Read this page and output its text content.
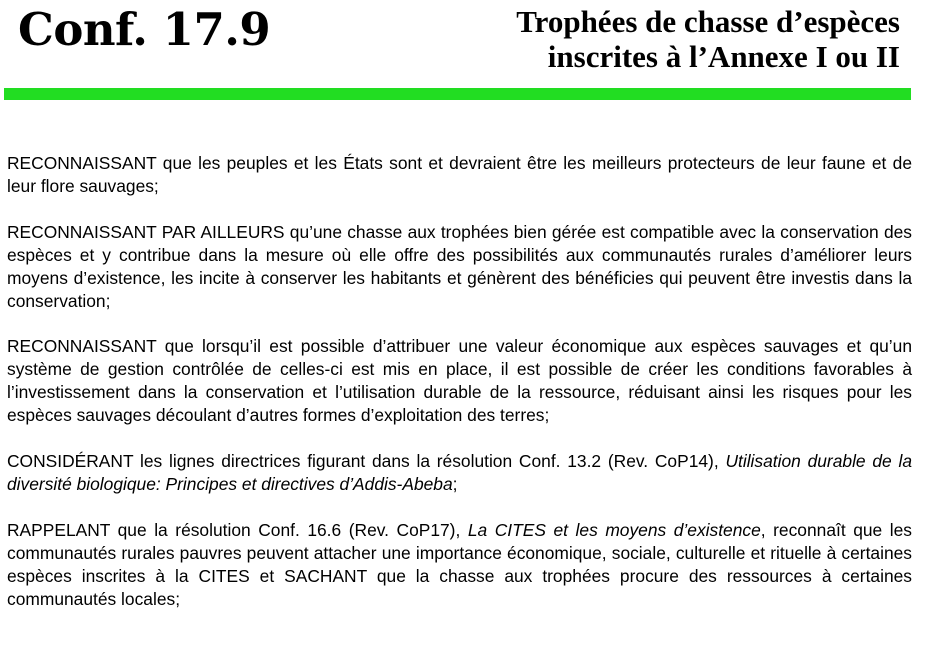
Conf. 17.9	Trophées de chasse d’espèces
inscrites à l’Annexe I ou II

RECONNAISSANT que les peuples et les États sont et devraient être les meilleurs protecteurs de leur faune et de leur flore sauvages;

RECONNAISSANT PAR AILLEURS qu’une chasse aux trophées bien gérée est compatible avec la conservation des espèces et y contribue dans la mesure où elle offre des possibilités aux communautés rurales d’améliorer leurs moyens d’existence, les incite à conserver les habitants et génèrent des bénéficies qui peuvent être investis dans la conservation;

RECONNAISSANT que lorsqu’il est possible d’attribuer une valeur économique aux espèces sauvages et qu’un système de gestion contrôlée de celles-ci est mis en place, il est possible de créer les conditions favorables à l’investissement dans la conservation et l’utilisation durable de la ressource, réduisant ainsi les risques pour les espèces sauvages découlant d’autres formes d’exploitation des terres;

CONSIDÉRANT les lignes directrices figurant dans la résolution Conf. 13.2 (Rev. CoP14), Utilisation durable de la diversité biologique: Principes et directives d’Addis-Abeba;

RAPPELANT que la résolution Conf. 16.6 (Rev. CoP17), La CITES et les moyens d’existence, reconnaît que les communautés rurales pauvres peuvent attacher une importance économique, sociale, culturelle et rituelle à certaines espèces inscrites à la CITES et SACHANT que la chasse aux trophées procure des ressources à certaines communautés locales;
